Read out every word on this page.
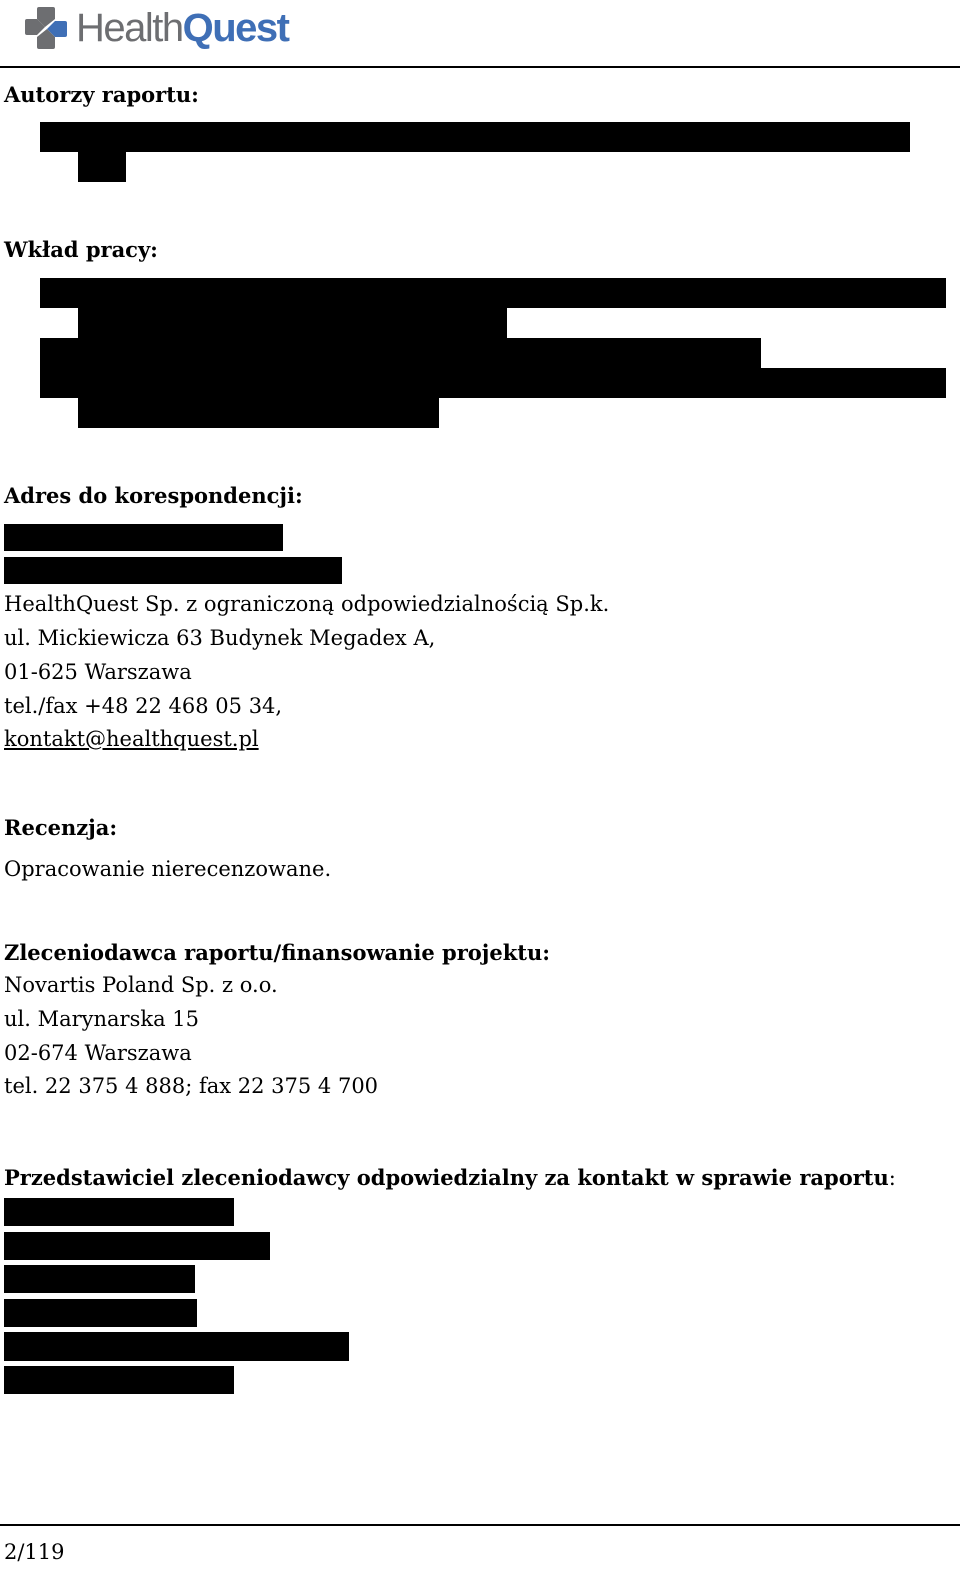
HealthQuest
Autorzy raportu:
Wkład pracy:
Adres do korespondencji:
HealthQuest Sp. z ograniczoną odpowiedzialnością Sp.k.
ul. Mickiewicza 63 Budynek Megadex A,
01-625 Warszawa
tel./fax +48 22 468 05 34,
kontakt@healthquest.pl
Recenzja:
Opracowanie nierecenzowane.
Zleceniodawca raportu/finansowanie projektu:
Novartis Poland Sp. z o.o.
ul. Marynarska 15
02-674 Warszawa
tel. 22 375 4 888; fax 22 375 4 700
Przedstawiciel zleceniodawcy odpowiedzialny za kontakt w sprawie raportu:
2/119
